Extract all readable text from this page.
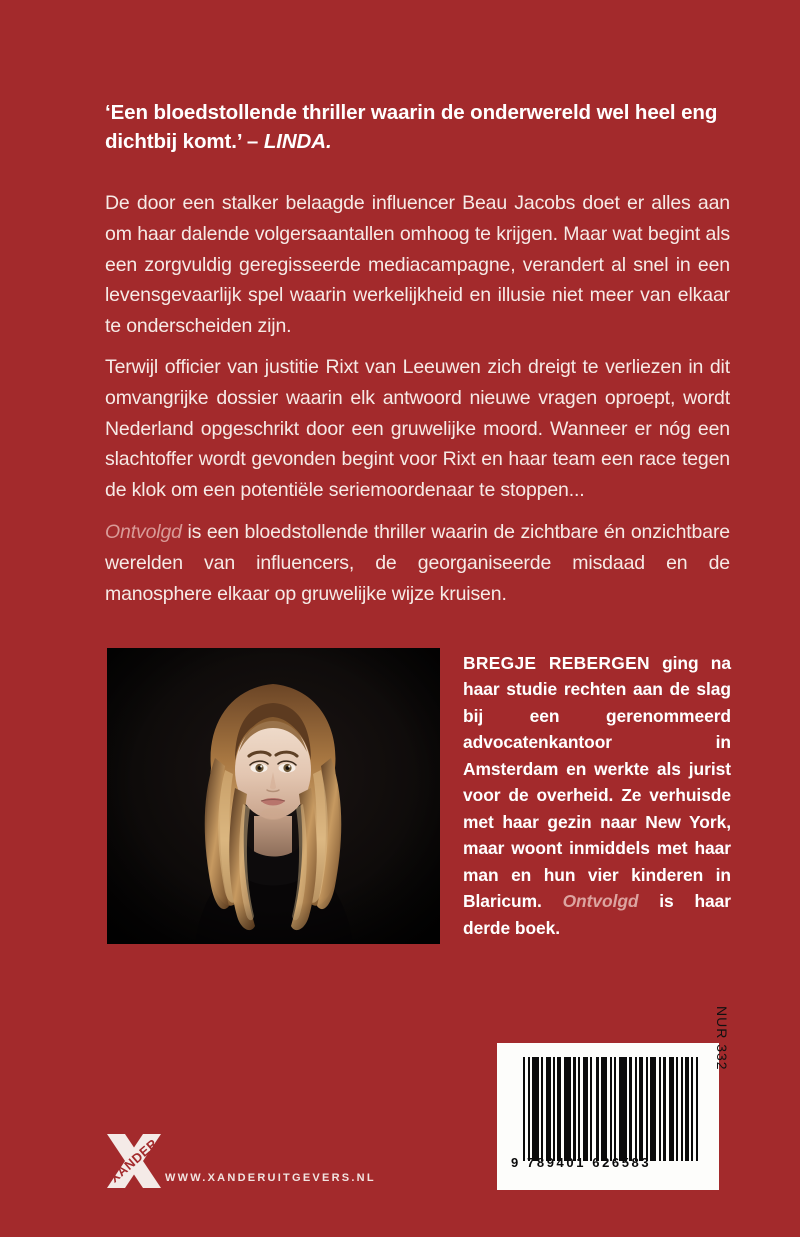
‘Een bloedstollende thriller waarin de onderwereld wel heel eng dichtbij komt.’ – LINDA.

De door een stalker belaagde influencer Beau Jacobs doet er alles aan om haar dalende volgersaantallen omhoog te krijgen. Maar wat begint als een zorgvuldig geregisseerde mediacampagne, verandert al snel in een levensgevaarlijk spel waarin werkelijkheid en illusie niet meer van elkaar te onderscheiden zijn.

Terwijl officier van justitie Rixt van Leeuwen zich dreigt te verliezen in dit omvangrijke dossier waarin elk antwoord nieuwe vragen oproept, wordt Nederland opgeschrikt door een gruwelijke moord. Wanneer er nóg een slachtoffer wordt gevonden begint voor Rixt en haar team een race tegen de klok om een potentiële seriemoordenaar te stoppen...

Ontvolgd is een bloedstollende thriller waarin de zichtbare én onzichtbare werelden van influencers, de georganiseerde misdaad en de manosphere elkaar op gruwelijke wijze kruisen.

BREGJE REBERGEN ging na haar studie rechten aan de slag bij een gerenommeerd advocatenkantoor in Amsterdam en werkte als jurist voor de overheid. Ze verhuisde met haar gezin naar New York, maar woont inmiddels met haar man en hun vier kinderen in Blaricum. Ontvolgd is haar derde boek.
9 789401 626583
NUR 332
XANDER WWW.XANDERUITGEVERS.NL
